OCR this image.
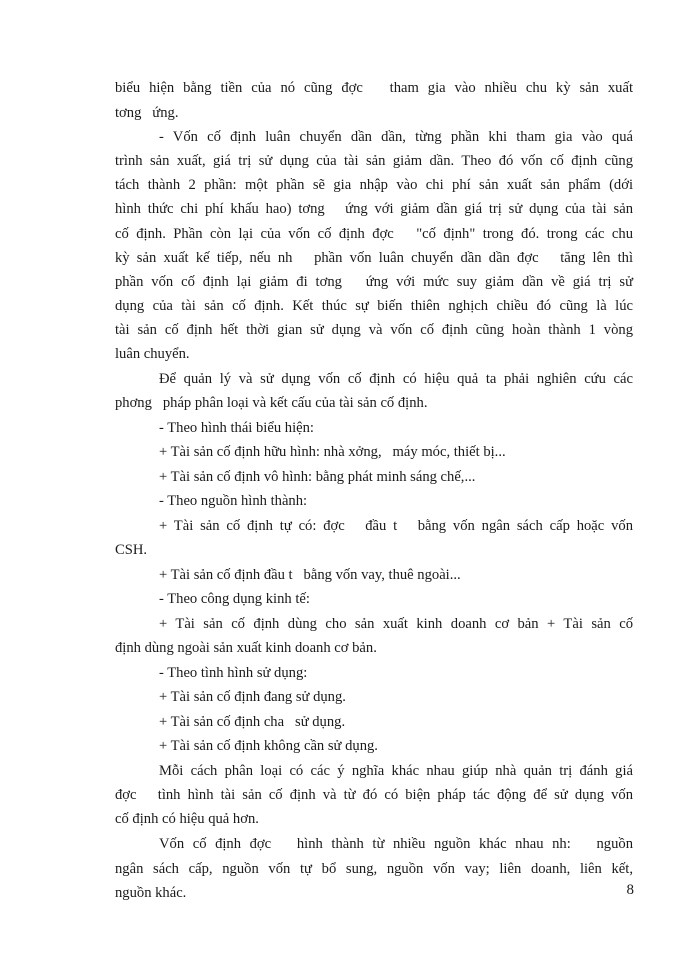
biểu hiện bằng tiền của nó cũng đợc   tham gia vào nhiều chu kỳ sản xuất
tơng   ứng.
- Vốn cố định luân chuyển dần dần, từng phần khi tham gia vào quá
trình sản xuất, giá trị sử dụng của tài sản giảm dần. Theo đó vốn cố định cũng
tách thành 2 phần: một phần sẽ gia nhập vào chi phí sản xuất sản phẩm (dới
hình thức chi phí khấu hao) tơng   ứng với giảm dần giá trị sử dụng của tài sản
cố định. Phần còn lại của vốn cố định đợc   "cố định" trong đó. trong các chu
kỳ sản xuất kế tiếp, nếu nh   phần vốn luân chuyển dần dần đợc   tăng lên thì
phần vốn cố định lại giảm đi tơng   ứng với mức suy giảm dần về giá trị sử
dụng của tài sản cố định. Kết thúc sự biến thiên nghịch chiều đó cũng là lúc
tài sản cố định hết thời gian sử dụng và vốn cố định cũng hoàn thành 1 vòng
luân chuyển.
Để quản lý và sử dụng vốn cố định có hiệu quả ta phải nghiên cứu các
phơng   pháp phân loại và kết cấu của tài sản cố định.
- Theo hình thái biểu hiện:
+ Tài sản cố định hữu hình: nhà xởng,   máy móc, thiết bị...
+ Tài sản cố định vô hình: bằng phát minh sáng chế,...
- Theo nguồn hình thành:
+ Tài sản cố định tự có: đợc   đầu t   bằng vốn ngân sách cấp hoặc vốn
CSH.
+ Tài sản cố định đầu t   bằng vốn vay, thuê ngoài...
- Theo công dụng kinh tế:
+ Tài sản cố định dùng cho sản xuất kinh doanh cơ bản + Tài sản cố
định dùng ngoài sản xuất kinh doanh cơ bản.
- Theo tình hình sử dụng:
+ Tài sản cố định đang sử dụng.
+ Tài sản cố định cha   sử dụng.
+ Tài sản cố định không cần sử dụng.
Mỗi cách phân loại có các ý nghĩa khác nhau giúp nhà quản trị đánh giá
đợc   tình hình tài sản cố định và từ đó có biện pháp tác động để sử dụng vốn
cố định có hiệu quả hơn.
Vốn cố định đợc   hình thành từ nhiều nguồn khác nhau nh:   nguồn
ngân sách cấp, nguồn vốn tự bổ sung, nguồn vốn vay; liên doanh, liên kết,
nguồn khác.	8
